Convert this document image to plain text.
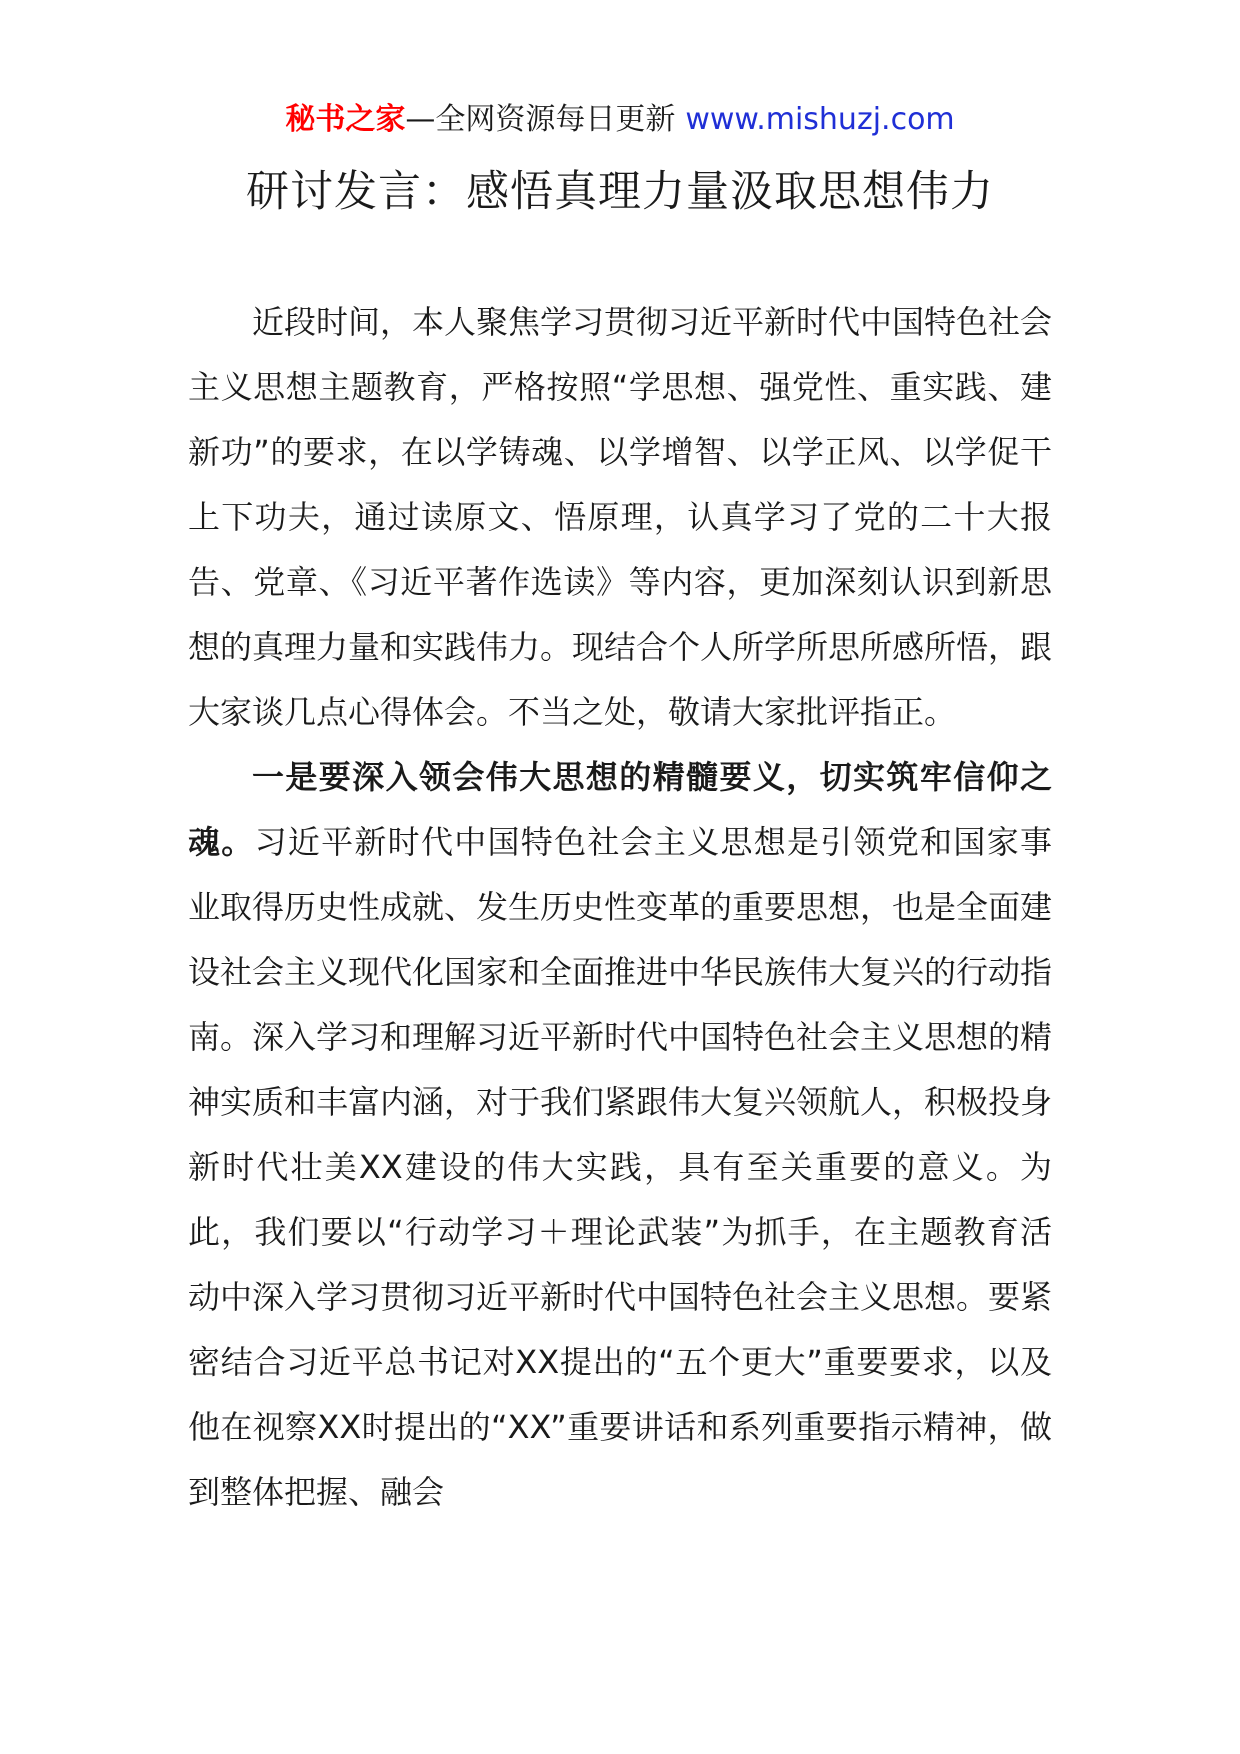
秘书之家—全网资源每日更新 www.mishuzj.com
研讨发言：感悟真理力量汲取思想伟力

近段时间，本人聚焦学习贯彻习近平新时代中国特色社会主义思想主题教育，严格按照“学思想、强党性、重实践、建新功”的要求，在以学铸魂、以学增智、以学正风、以学促干上下功夫，通过读原文、悟原理，认真学习了党的二十大报告、党章、《习近平著作选读》等内容，更加深刻认识到新思想的真理力量和实践伟力。现结合个人所学所思所感所悟，跟大家谈几点心得体会。不当之处，敬请大家批评指正。

一是要深入领会伟大思想的精髓要义，切实筑牢信仰之魂。习近平新时代中国特色社会主义思想是引领党和国家事业取得历史性成就、发生历史性变革的重要思想，也是全面建设社会主义现代化国家和全面推进中华民族伟大复兴的行动指南。深入学习和理解习近平新时代中国特色社会主义思想的精神实质和丰富内涵，对于我们紧跟伟大复兴领航人，积极投身新时代壮美XX建设的伟大实践，具有至关重要的意义。为此，我们要以“行动学习＋理论武装”为抓手，在主题教育活动中深入学习贯彻习近平新时代中国特色社会主义思想。要紧密结合习近平总书记对XX提出的“五个更大”重要要求，以及他在视察XX时提出的“XX”重要讲话和系列重要指示精神，做到整体把握、融会
